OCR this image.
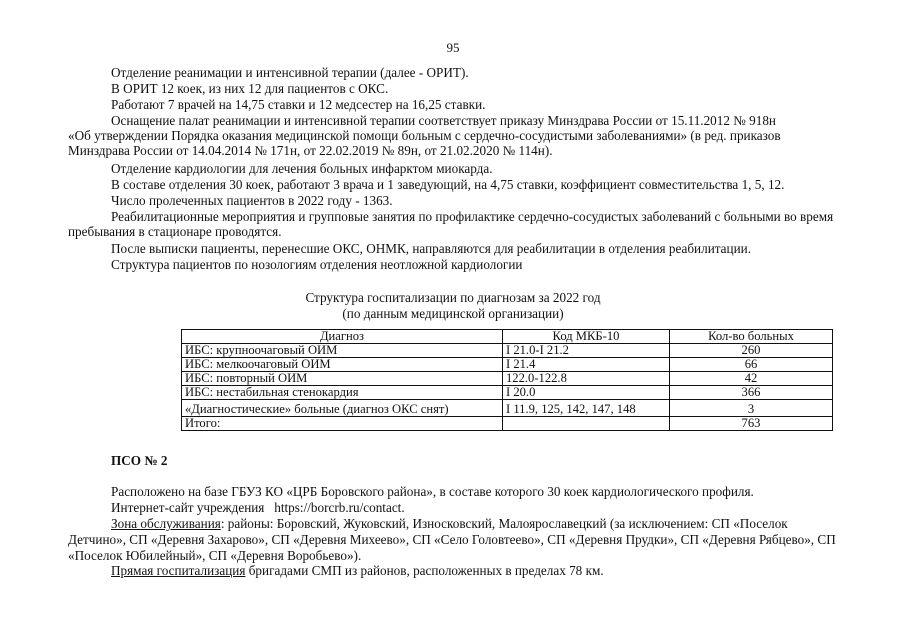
95
Отделение реанимации и интенсивной терапии (далее - ОРИТ).
В ОРИТ 12 коек, из них 12 для пациентов с ОКС.
Работают 7 врачей на 14,75 ставки и 12 медсестер на 16,25 ставки.
Оснащение палат реанимации и интенсивной терапии соответствует приказу Минздрава России от 15.11.2012 № 918н
«Об утверждении Порядка оказания медицинской помощи больным с сердечно-сосудистыми заболеваниями» (в ред. приказов
Минздрава России от 14.04.2014 № 171н, от 22.02.2019 № 89н, от 21.02.2020 № 114н).
Отделение кардиологии для лечения больных инфарктом миокарда.
В составе отделения 30 коек, работают 3 врача и 1 заведующий, на 4,75 ставки, коэффициент совместительства 1, 5, 12.
Число пролеченных пациентов в 2022 году - 1363.
Реабилитационные мероприятия и групповые занятия по профилактике сердечно-сосудистых заболеваний с больными во время
пребывания в стационаре проводятся.
После выписки пациенты, перенесшие ОКС, ОНМК, направляются для реабилитации в отделения реабилитации.
Структура пациентов по нозологиям отделения неотложной кардиологии
Структура госпитализации по диагнозам за 2022 год
(по данным медицинской организации)
Диагноз	Код МКБ-10	Кол-во больных
ИБС: крупноочаговый ОИМ	I 21.0-I 21.2	260
ИБС: мелкоочаговый ОИМ	I 21.4	66
ИБС: повторный ОИМ	122.0-122.8	42
ИБС: нестабильная стенокардия	I 20.0	366
«Диагностические» больные (диагноз ОКС снят)	I 11.9, 125, 142, 147, 148	3
Итого:		763
ПСО № 2
Расположено на базе ГБУЗ КО «ЦРБ Боровского района», в составе которого 30 коек кардиологического профиля.
Интернет-сайт учреждения   https://borcrb.ru/contact.
Зона обслуживания: районы: Боровский, Жуковский, Износковский, Малоярославецкий (за исключением: СП «Поселок
Детчино», СП «Деревня Захарово», СП «Деревня Михеево», СП «Село Головтеево», СП «Деревня Прудки», СП «Деревня Рябцево», СП
«Поселок Юбилейный», СП «Деревня Воробьево»).
Прямая госпитализация бригадами СМП из районов, расположенных в пределах 78 км.
